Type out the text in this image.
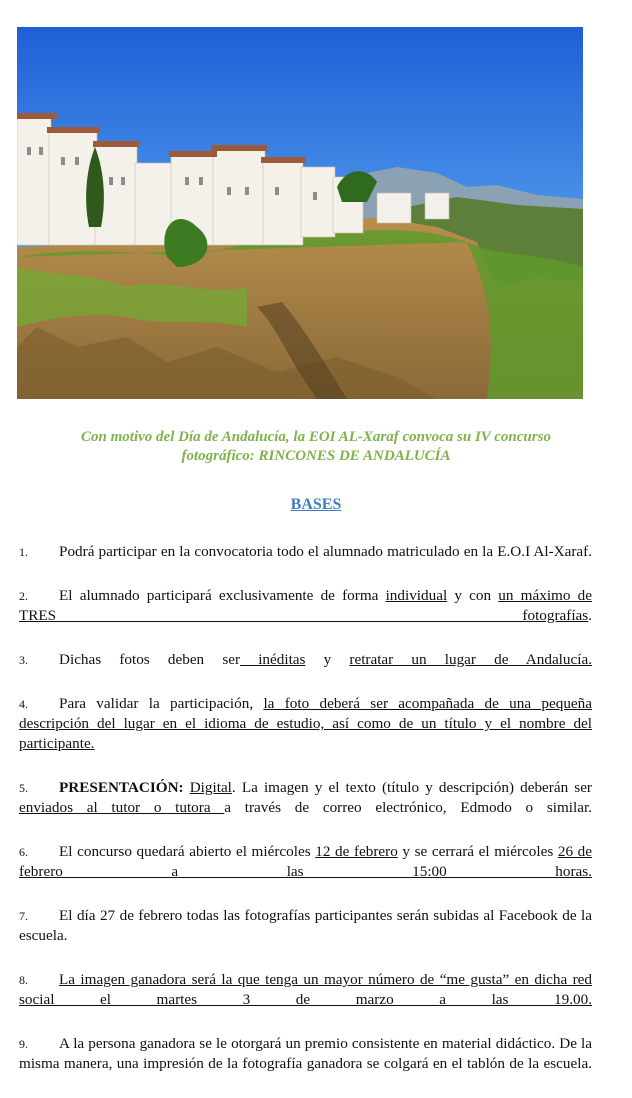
Con motivo del Día de Andalucía, la EOI AL-Xaraf convoca su IV concurso
fotográfico: RINCONES DE ANDALUCÍA
BASES
1. Podrá participar en la convocatoria todo el alumnado matriculado en la E.O.I Al-Xaraf.
2. El alumnado participará exclusivamente de forma individual y con un máximo de TRES fotografías.
3. Dichas fotos deben ser inéditas y retratar un lugar de Andalucía.
4. Para validar la participación, la foto deberá ser acompañada de una pequeña descripción del lugar en el idioma de estudio, así como de un título y el nombre del participante.
5. PRESENTACIÓN: Digital. La imagen y el texto (título y descripción) deberán ser enviados al tutor o tutora a través de correo electrónico, Edmodo o similar.
6. El concurso quedará abierto el miércoles 12 de febrero y se cerrará el miércoles 26 de febrero a las 15:00 horas.
7. El día 27 de febrero todas las fotografías participantes serán subidas al Facebook de la escuela.
8. La imagen ganadora será la que tenga un mayor número de “me gusta” en dicha red social el martes 3 de marzo a las 19.00.
9. A la persona ganadora se le otorgará un premio consistente en material didáctico. De la misma manera, una impresión de la fotografía ganadora se colgará en el tablón de la escuela.
